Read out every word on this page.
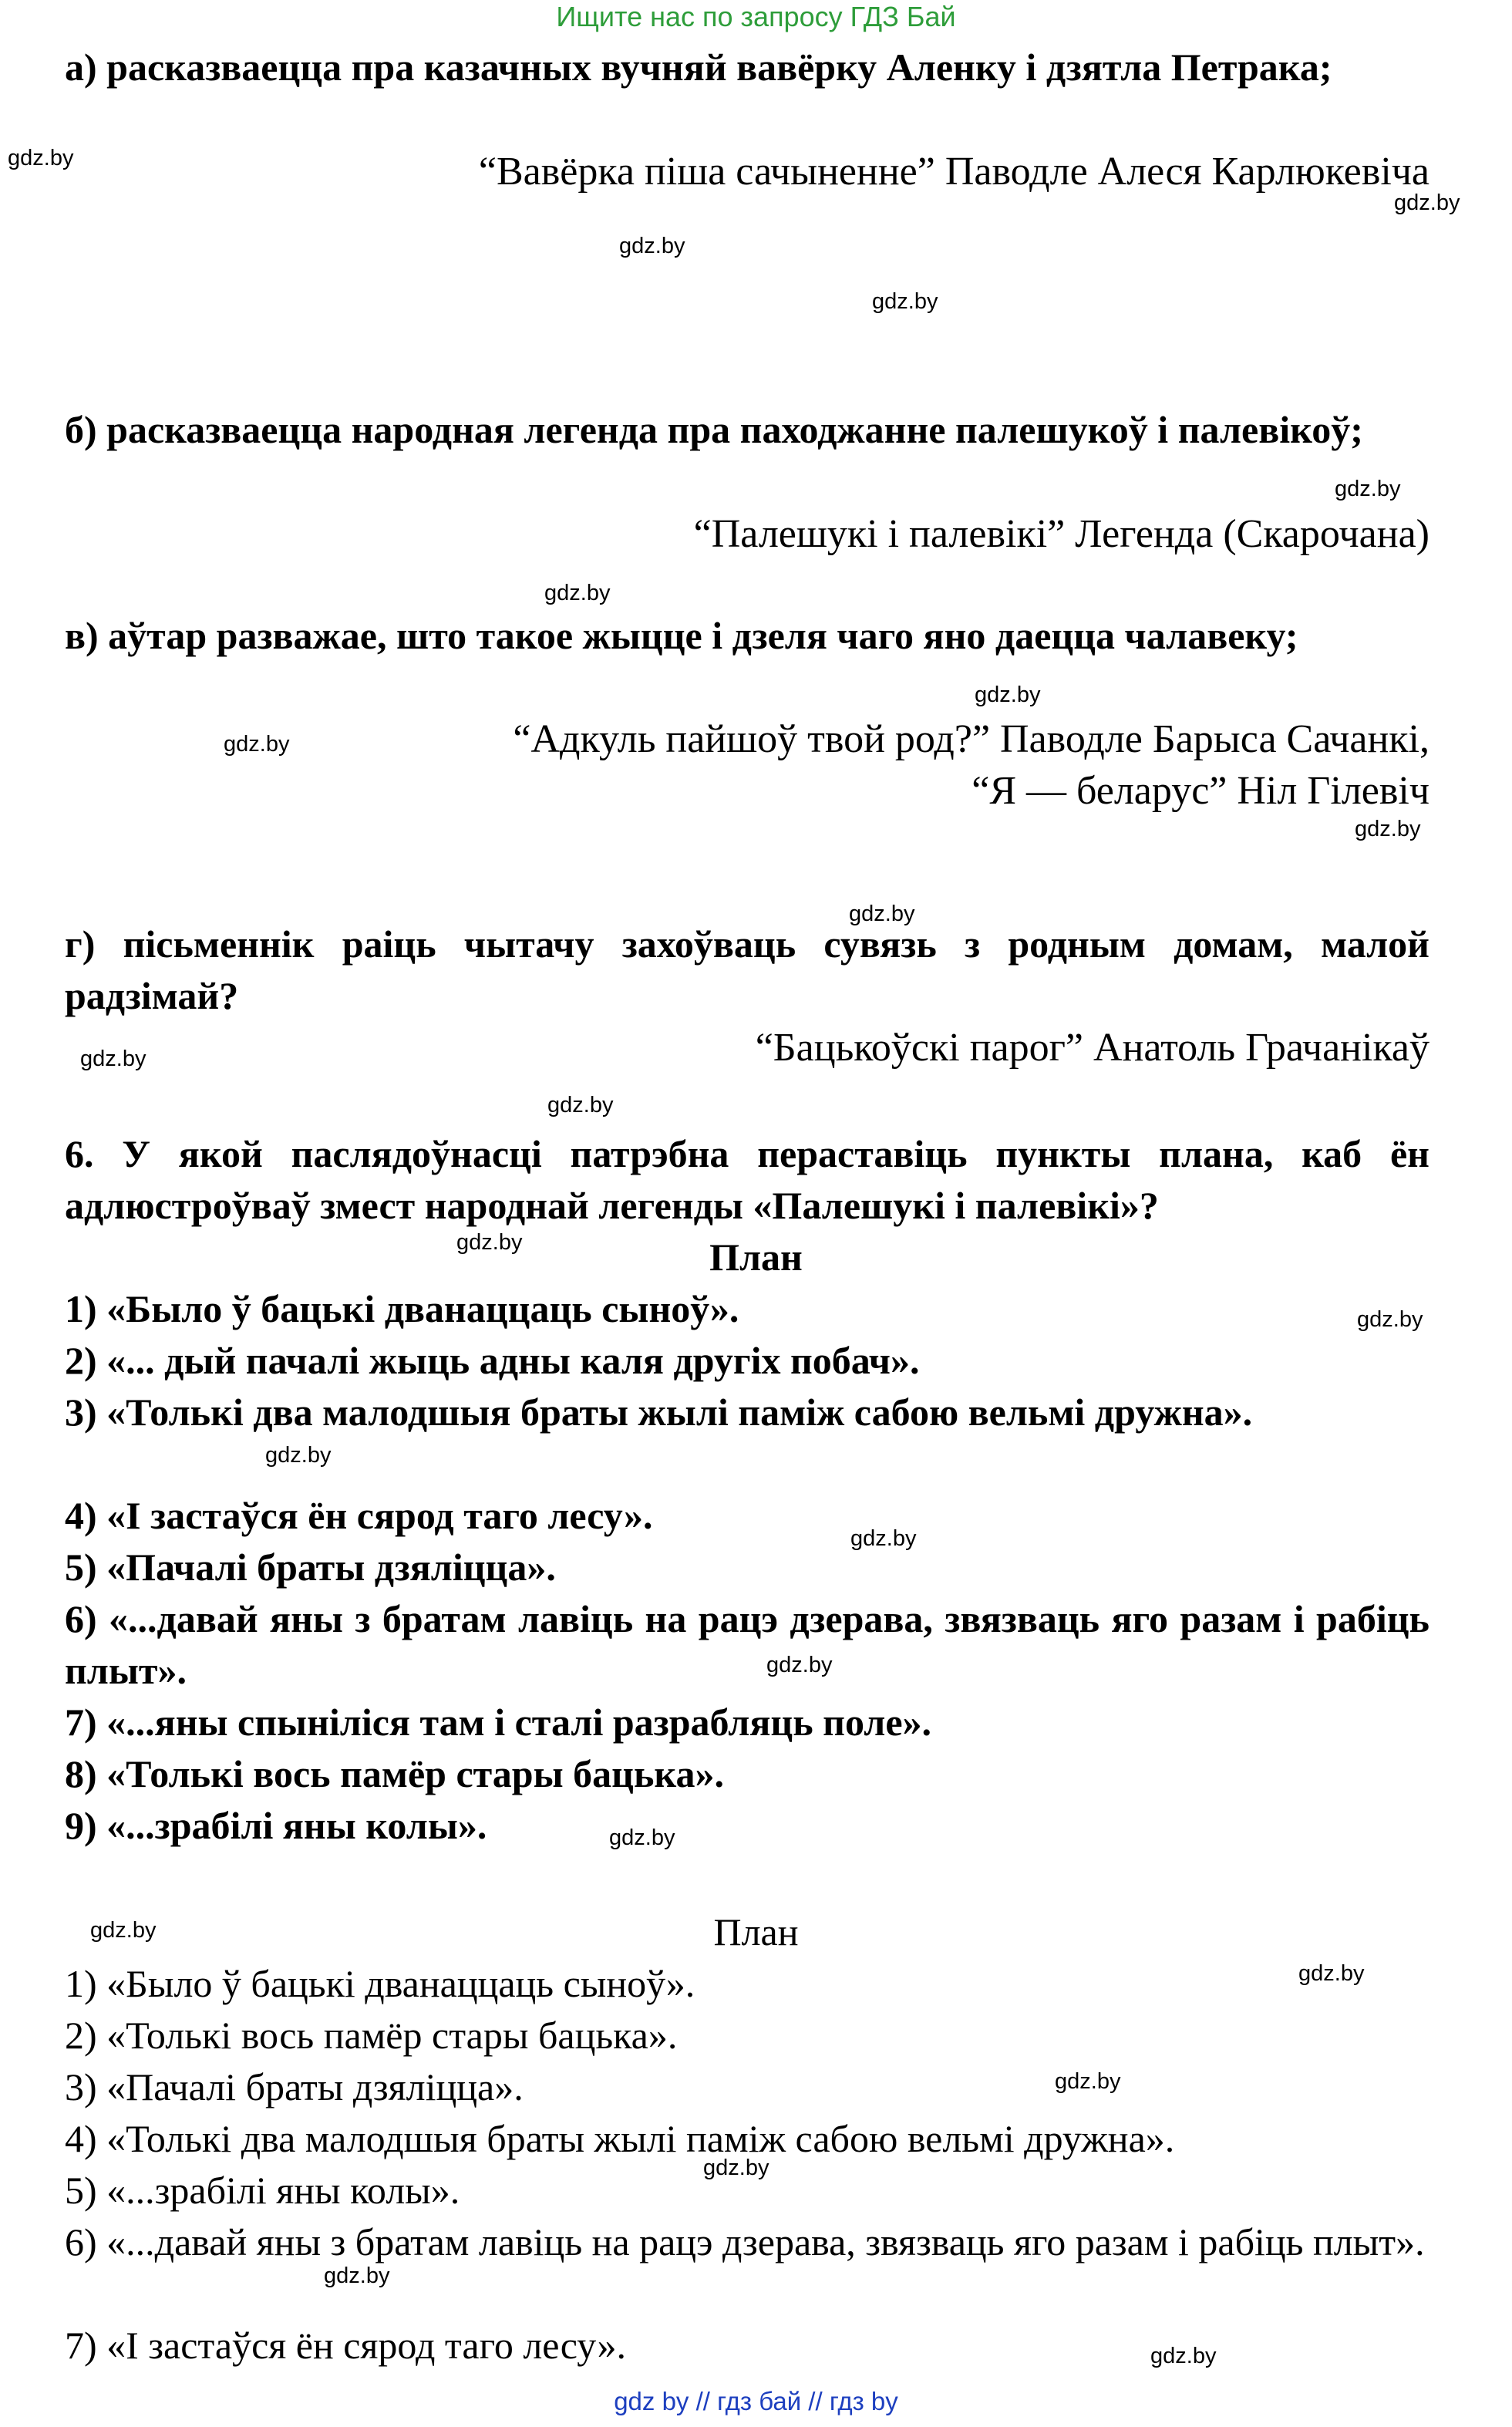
Ищите нас по запросу ГДЗ Бай
а) расказваецца пра казачных вучняй вавёрку Аленку і дзятла Петрака;
“Вавёрка піша сачыненне” Паводле Алеся Карлюкевіча
б) расказваецца народная легенда пра паходжанне палешукоў і палевікоў;
“Палешукі і палевікі” Легенда (Скарочана)
в) аўтар разважае, што такое жыцце і дзеля чаго яно даецца чалавеку;
“Адкуль пайшоў твой род?” Паводле Барыса Сачанкі,
“Я — беларус” Ніл Гілевіч
г) пісьменнік раіць чытачу захоўваць сувязь з родным домам, малой радзімай?
“Бацькоўскі парог” Анатоль Грачанікаў
6. У якой паслядоўнасці патрэбна пераставіць пункты плана, каб ён адлюстроўваў змест народнай легенды «Палешукі і палевікі»?
План
1) «Было ў бацькі дванаццаць сыноў».
2) «... дый пачалі жыць адны каля другіх побач».
3) «Толькі два малодшыя браты жылі паміж сабою вельмі дружна».
4) «І застаўся ён сярод таго лесу».
5) «Пачалі браты дзяліцца».
6) «...давай яны з братам лавіць на рацэ дзерава, звязваць яго разам і рабіць плыт».
7) «...яны спыніліся там і сталі разрабляць поле».
8) «Толькі вось памёр стары бацька».
9) «...зрабілі яны колы».
План
1) «Было ў бацькі дванаццаць сыноў».
2) «Толькі вось памёр стары бацька».
3) «Пачалі браты дзяліцца».
4) «Толькі два малодшыя браты жылі паміж сабою вельмі дружна».
5) «...зрабілі яны колы».
6) «...давай яны з братам лавіць на рацэ дзерава, звязваць яго разам і рабіць плыт».
7) «І застаўся ён сярод таго лесу».
gdz.by
gdz.by
gdz.by
gdz.by
gdz.by
gdz.by
gdz.by
gdz.by
gdz.by
gdz.by
gdz.by
gdz.by
gdz.by
gdz.by
gdz.by
gdz.by
gdz.by
gdz.by
gdz.by
gdz.by
gdz.by
gdz.by
gdz.by
gdz.by
gdz by // гдз бай // гдз by
